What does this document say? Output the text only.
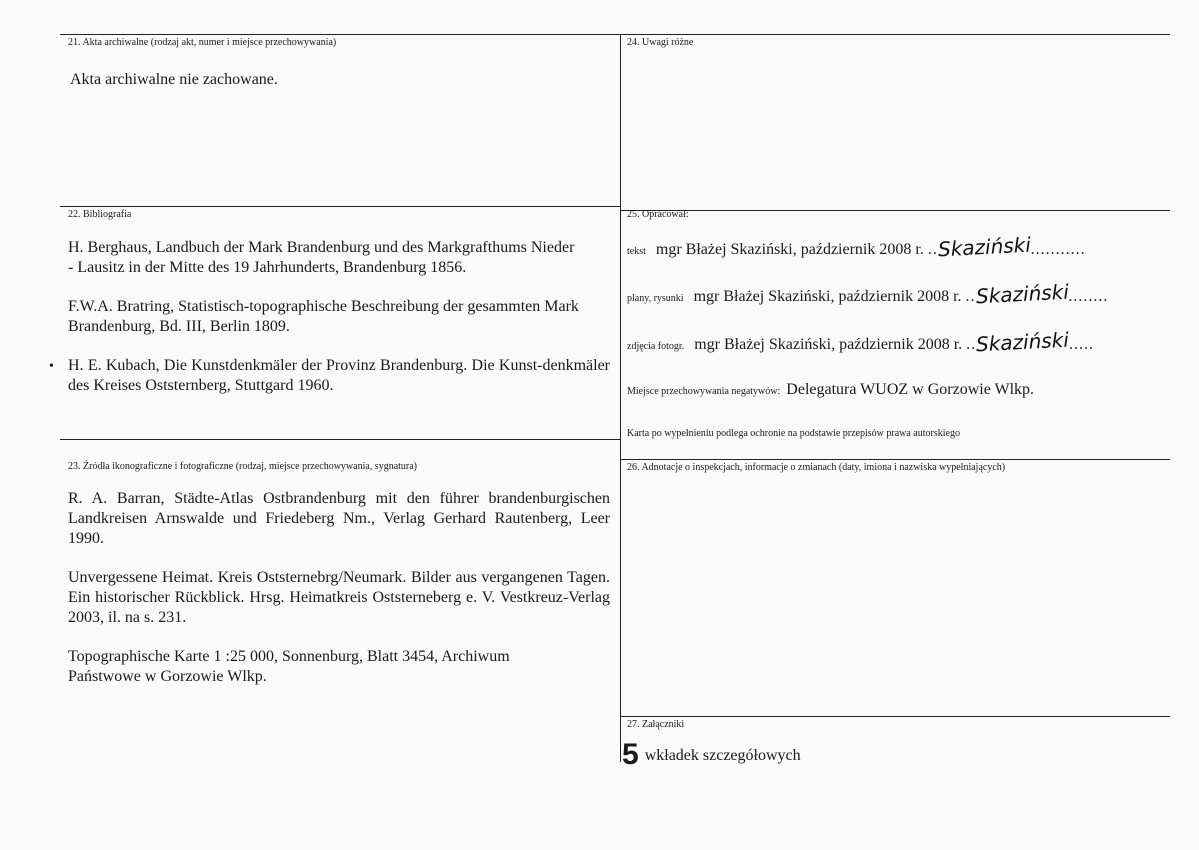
21. Akta archiwalne (rodzaj akt, numer i miejsce przechowywania)
Akta archiwalne nie zachowane.
24. Uwagi różne
22. Bibliografia

H. Berghaus, Landbuch der Mark Brandenburg und des Markgrafthums Nieder - Lausitz in der Mitte des 19 Jahrhunderts, Brandenburg 1856.

F.W.A. Bratring, Statistisch-topographische Beschreibung der gesammten Mark Brandenburg, Bd. III, Berlin 1809.

H. E. Kubach, Die Kunstdenkmäler der Provinz Brandenburg. Die Kunst-denkmäler des Kreises Oststernberg, Stuttgard 1960.

•
25. Opracował:
tekst mgr Błażej Skaziński, październik 2008 r. ..Skaziński...........
plany, rysunki mgr Błażej Skaziński, październik 2008 r. ..Skaziński........
zdjęcia fotogr. mgr Błażej Skaziński, październik 2008 r. ..Skaziński.....
Miejsce przechowywania negatywów: Delegatura WUOZ w Gorzowie Wlkp.
Karta po wypełnieniu podlega ochronie na podstawie przepisów prawa autorskiego
23. Źródła ikonograficzne i fotograficzne (rodzaj, miejsce przechowywania, sygnatura)

R. A. Barran, Städte-Atlas Ostbrandenburg mit den führer brandenburgischen Landkreisen Arnswalde und Friedeberg Nm., Verlag Gerhard Rautenberg, Leer 1990.

Unvergessene Heimat. Kreis Oststernebrg/Neumark. Bilder aus vergangenen Tagen. Ein historischer Rückblick. Hrsg. Heimatkreis Oststerneberg e. V. Vestkreuz-Verlag 2003, il. na s. 231.

Topographische Karte 1 :25 000, Sonnenburg, Blatt 3454, Archiwum Państwowe w Gorzowie Wlkp.

26. Adnotacje o inspekcjach, informacje o zmianach (daty, imiona i nazwiska wypełniających)
27. Załączniki
5 wkładek szczegółowych
